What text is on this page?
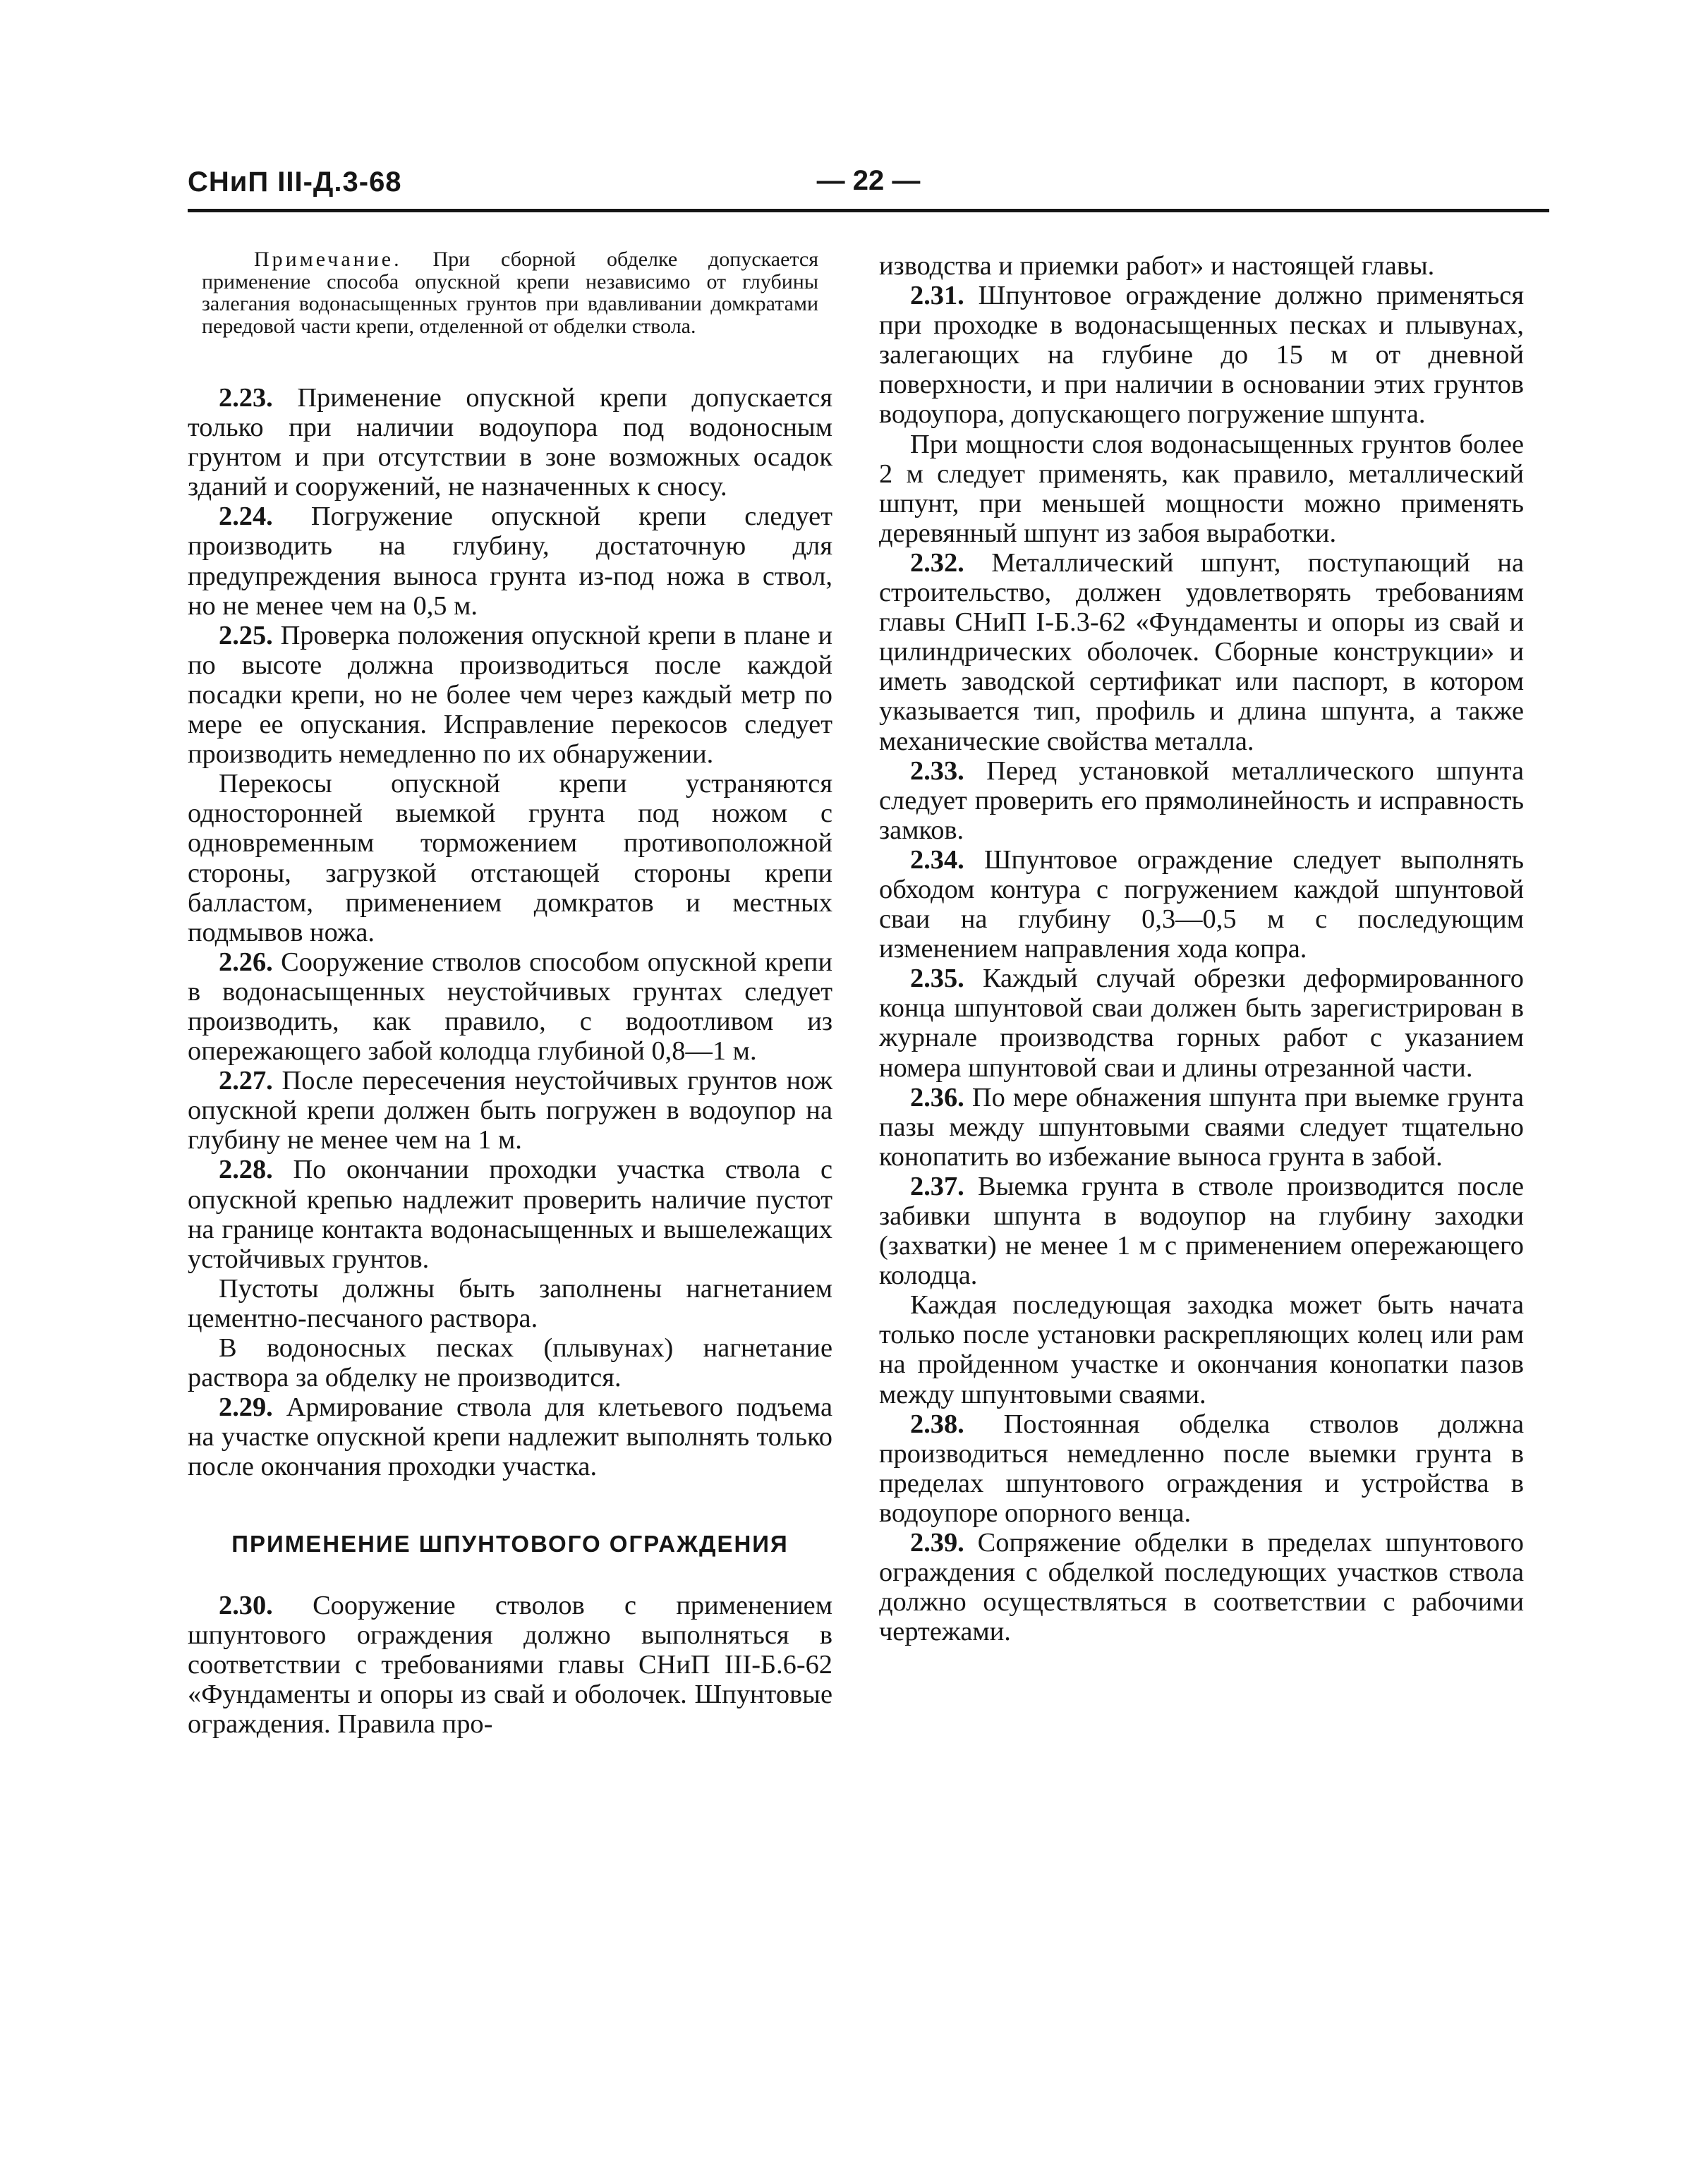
СНиП III-Д.3-68	— 22 —

Примечание. При сборной обделке допускается применение способа опускной крепи независимо от глубины залегания водонасыщенных грунтов при вдавливании домкратами передовой части крепи, отделенной от обделки ствола.

2.23. Применение опускной крепи допускается только при наличии водоупора под водоносным грунтом и при отсутствии в зоне возможных осадок зданий и сооружений, не назначенных к сносу.

2.24. Погружение опускной крепи следует производить на глубину, достаточную для предупреждения выноса грунта из-под ножа в ствол, но не менее чем на 0,5 м.

2.25. Проверка положения опускной крепи в плане и по высоте должна производиться после каждой посадки крепи, но не более чем через каждый метр по мере ее опускания. Исправление перекосов следует производить немедленно по их обнаружении.

Перекосы опускной крепи устраняются односторонней выемкой грунта под ножом с одновременным торможением противоположной стороны, загрузкой отстающей стороны крепи балластом, применением домкратов и местных подмывов ножа.

2.26. Сооружение стволов способом опускной крепи в водонасыщенных неустойчивых грунтах следует производить, как правило, с водоотливом из опережающего забой колодца глубиной 0,8—1 м.

2.27. После пересечения неустойчивых грунтов нож опускной крепи должен быть погружен в водоупор на глубину не менее чем на 1 м.

2.28. По окончании проходки участка ствола с опускной крепью надлежит проверить наличие пустот на границе контакта водонасыщенных и вышележащих устойчивых грунтов.

Пустоты должны быть заполнены нагнетанием цементно-песчаного раствора.

В водоносных песках (плывунах) нагнетание раствора за обделку не производится.

2.29. Армирование ствола для клетьевого подъема на участке опускной крепи надлежит выполнять только после окончания проходки участка.

ПРИМЕНЕНИЕ ШПУНТОВОГО ОГРАЖДЕНИЯ

2.30. Сооружение стволов с применением шпунтового ограждения должно выполняться в соответствии с требованиями главы СНиП III-Б.6-62 «Фундаменты и опоры из свай и оболочек. Шпунтовые ограждения. Правила про-

изводства и приемки работ» и настоящей главы.

2.31. Шпунтовое ограждение должно применяться при проходке в водонасыщенных песках и плывунах, залегающих на глубине до 15 м от дневной поверхности, и при наличии в основании этих грунтов водоупора, допускающего погружение шпунта.

При мощности слоя водонасыщенных грунтов более 2 м следует применять, как правило, металлический шпунт, при меньшей мощности можно применять деревянный шпунт из забоя выработки.

2.32. Металлический шпунт, поступающий на строительство, должен удовлетворять требованиям главы СНиП I-Б.3-62 «Фундаменты и опоры из свай и цилиндрических оболочек. Сборные конструкции» и иметь заводской сертификат или паспорт, в котором указывается тип, профиль и длина шпунта, а также механические свойства металла.

2.33. Перед установкой металлического шпунта следует проверить его прямолинейность и исправность замков.

2.34. Шпунтовое ограждение следует выполнять обходом контура с погружением каждой шпунтовой сваи на глубину 0,3—0,5 м с последующим изменением направления хода копра.

2.35. Каждый случай обрезки деформированного конца шпунтовой сваи должен быть зарегистрирован в журнале производства горных работ с указанием номера шпунтовой сваи и длины отрезанной части.

2.36. По мере обнажения шпунта при выемке грунта пазы между шпунтовыми сваями следует тщательно конопатить во избежание выноса грунта в забой.

2.37. Выемка грунта в стволе производится после забивки шпунта в водоупор на глубину заходки (захватки) не менее 1 м с применением опережающего колодца.

Каждая последующая заходка может быть начата только после установки раскрепляющих колец или рам на пройденном участке и окончания конопатки пазов между шпунтовыми сваями.

2.38. Постоянная обделка стволов должна производиться немедленно после выемки грунта в пределах шпунтового ограждения и устройства в водоупоре опорного венца.

2.39. Сопряжение обделки в пределах шпунтового ограждения с обделкой последующих участков ствола должно осуществляться в соответствии с рабочими чертежами.
